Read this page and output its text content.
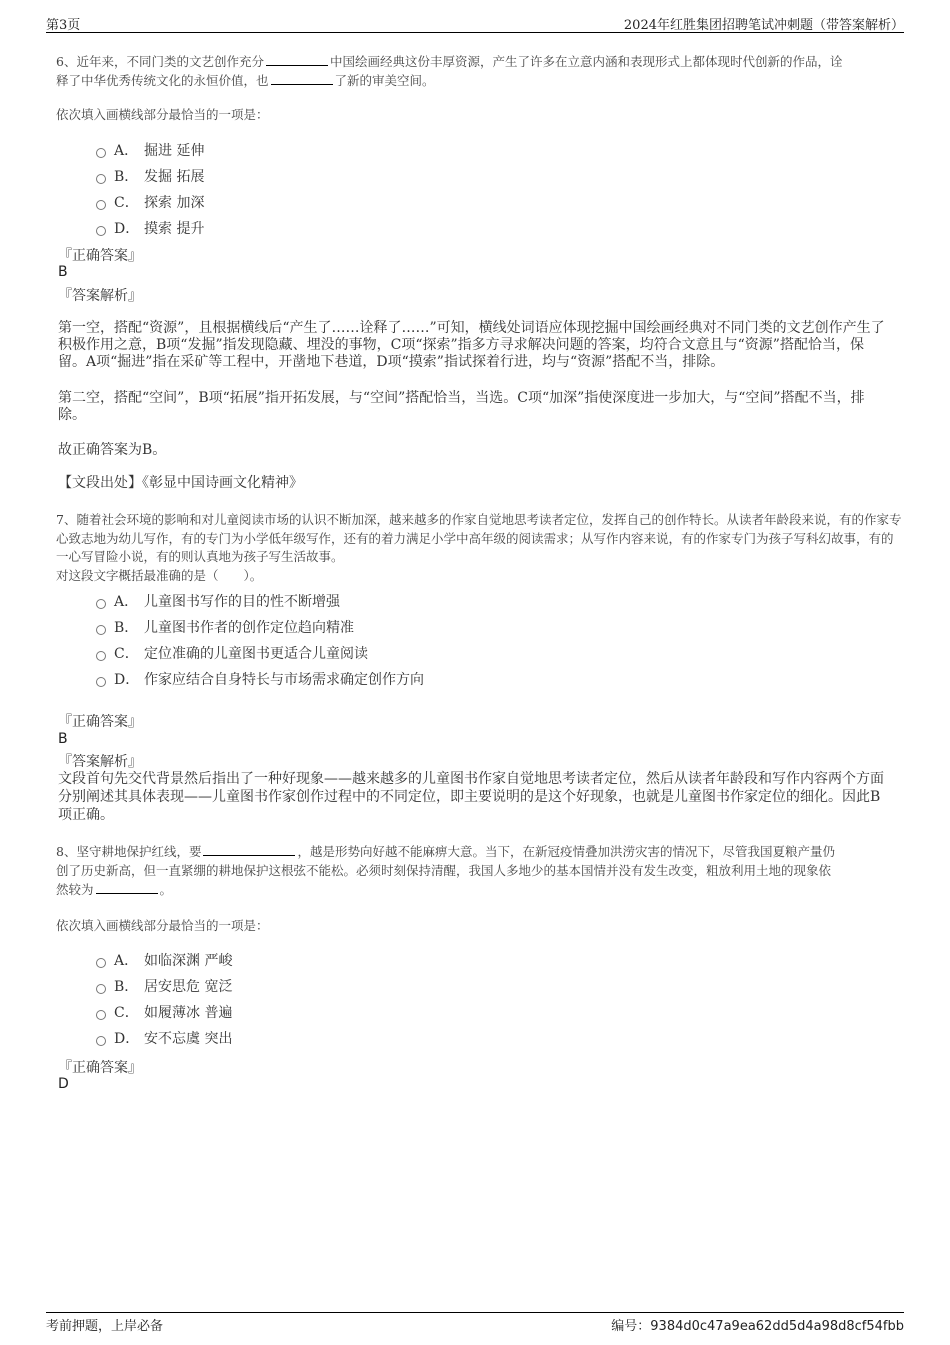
第3页	2024年红胜集团招聘笔试冲刺题（带答案解析）
6、近年来，不同门类的文艺创作充分	中国绘画经典这份丰厚资源，产生了许多在立意内涵和表现形式上都体现时代创新的作品，诠
释了中华优秀传统文化的永恒价值，也	了新的审美空间。
依次填入画横线部分最恰当的一项是：
A． 掘进 延伸
B． 发掘 拓展
C． 探索 加深
D． 摸索 提升
『正确答案』
B
『答案解析』
第一空，搭配“资源”，且根据横线后“产生了……诠释了……”可知，横线处词语应体现挖掘中国绘画经典对不同门类的文艺创作产生了积极作用之意，B项“发掘”指发现隐藏、埋没的事物，C项“探索”指多方寻求解决问题的答案，均符合文意且与“资源”搭配恰当，保留。A项“掘进”指在采矿等工程中，开凿地下巷道，D项“摸索”指试探着行进，均与“资源”搭配不当，排除。
第二空，搭配“空间”，B项“拓展”指开拓发展，与“空间”搭配恰当，当选。C项“加深”指使深度进一步加大，与“空间”搭配不当，排除。
故正确答案为B。
【文段出处】《彰显中国诗画文化精神》
7、随着社会环境的影响和对儿童阅读市场的认识不断加深，越来越多的作家自觉地思考读者定位，发挥自己的创作特长。从读者年龄段来说，有的作家专心致志地为幼儿写作，有的专门为小学低年级写作，还有的着力满足小学中高年级的阅读需求；从写作内容来说，有的作家专门为孩子写科幻故事，有的一心写冒险小说，有的则认真地为孩子写生活故事。
对这段文字概括最准确的是（　　）。
A． 儿童图书写作的目的性不断增强
B． 儿童图书作者的创作定位趋向精准
C． 定位准确的儿童图书更适合儿童阅读
D． 作家应结合自身特长与市场需求确定创作方向
『正确答案』
B
『答案解析』
文段首句先交代背景然后指出了一种好现象——越来越多的儿童图书作家自觉地思考读者定位，然后从读者年龄段和写作内容两个方面分别阐述其具体表现——儿童图书作家创作过程中的不同定位，即主要说明的是这个好现象，也就是儿童图书作家定位的细化。因此B项正确。
8、坚守耕地保护红线，要	，越是形势向好越不能麻痹大意。当下，在新冠疫情叠加洪涝灾害的情况下，尽管我国夏粮产量仍
创了历史新高，但一直紧绷的耕地保护这根弦不能松。必须时刻保持清醒，我国人多地少的基本国情并没有发生改变，粗放利用土地的现象依
然较为	。
依次填入画横线部分最恰当的一项是：
A． 如临深渊 严峻
B． 居安思危 宽泛
C． 如履薄冰 普遍
D． 安不忘虞 突出
『正确答案』
D
考前押题，上岸必备	编号：9384d0c47a9ea62dd5d4a98d8cf54fbb
